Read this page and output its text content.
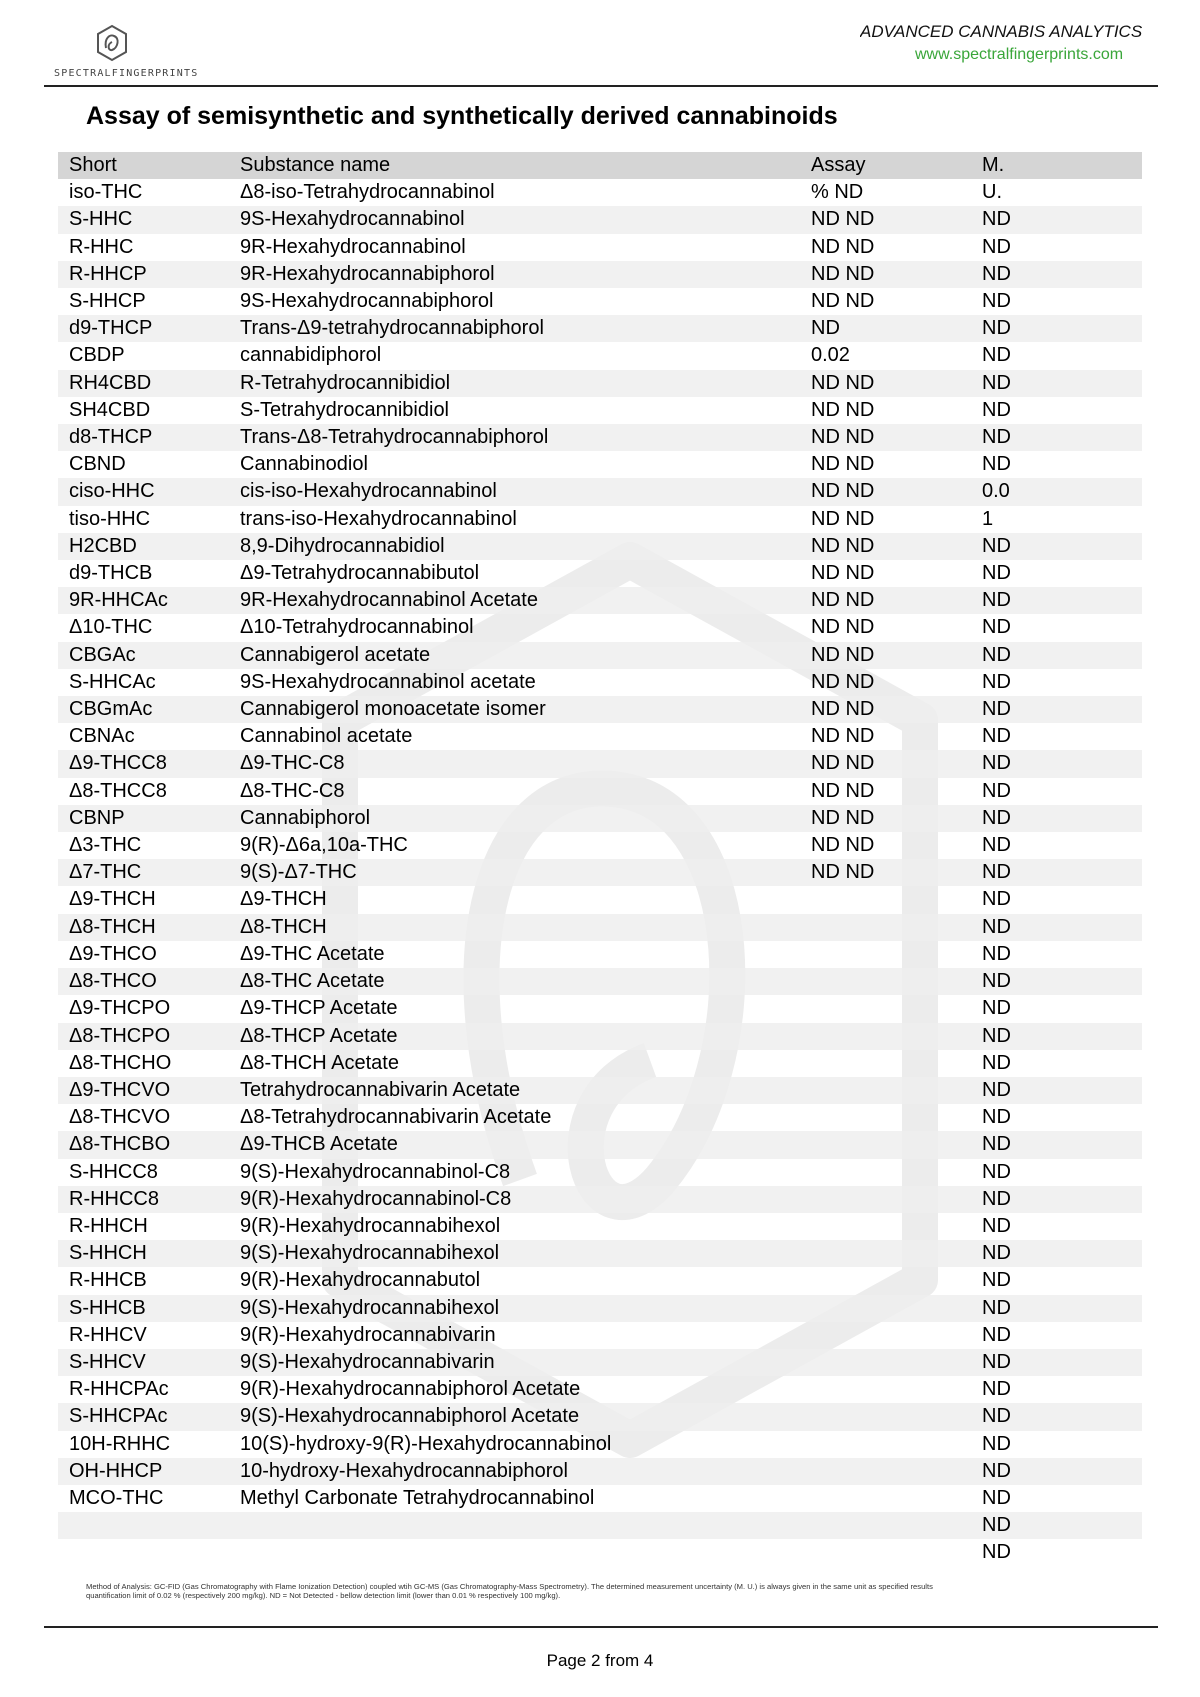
SPECTRALFINGERPRINTS
ADVANCED CANNABIS ANALYTICS
www.spectralfingerprints.com
Assay of semisynthetic and synthetically derived cannabinoids
Short	Substance name	Assay	M.
iso-THC	Δ8-iso-Tetrahydrocannabinol	% ND	U.
S-HHC	9S-Hexahydrocannabinol	ND ND	ND
R-HHC	9R-Hexahydrocannabinol	ND ND	ND
R-HHCP	9R-Hexahydrocannabiphorol	ND ND	ND
S-HHCP	9S-Hexahydrocannabiphorol	ND ND	ND
d9-THCP	Trans-Δ9-tetrahydrocannabiphorol	ND	ND
CBDP	cannabidiphorol	0.02	ND
RH4CBD	R-Tetrahydrocannibidiol	ND ND	ND
SH4CBD	S-Tetrahydrocannibidiol	ND ND	ND
d8-THCP	Trans-Δ8-Tetrahydrocannabiphorol	ND ND	ND
CBND	Cannabinodiol	ND ND	ND
ciso-HHC	cis-iso-Hexahydrocannabinol	ND ND	0.0
tiso-HHC	trans-iso-Hexahydrocannabinol	ND ND	1
H2CBD	8,9-Dihydrocannabidiol	ND ND	ND
d9-THCB	Δ9-Tetrahydrocannabibutol	ND ND	ND
9R-HHCAc	9R-Hexahydrocannabinol Acetate	ND ND	ND
Δ10-THC	Δ10-Tetrahydrocannabinol	ND ND	ND
CBGAc	Cannabigerol acetate	ND ND	ND
S-HHCAc	9S-Hexahydrocannabinol acetate	ND ND	ND
CBGmAc	Cannabigerol monoacetate isomer	ND ND	ND
CBNAc	Cannabinol acetate	ND ND	ND
Δ9-THCC8	Δ9-THC-C8	ND ND	ND
Δ8-THCC8	Δ8-THC-C8	ND ND	ND
CBNP	Cannabiphorol	ND ND	ND
Δ3-THC	9(R)-Δ6a,10a-THC	ND ND	ND
Δ7-THC	9(S)-Δ7-THC	ND ND	ND
Δ9-THCH	Δ9-THCH		ND
Δ8-THCH	Δ8-THCH		ND
Δ9-THCO	Δ9-THC Acetate		ND
Δ8-THCO	Δ8-THC Acetate		ND
Δ9-THCPO	Δ9-THCP Acetate		ND
Δ8-THCPO	Δ8-THCP Acetate		ND
Δ8-THCHO	Δ8-THCH Acetate		ND
Δ9-THCVO	Tetrahydrocannabivarin Acetate		ND
Δ8-THCVO	Δ8-Tetrahydrocannabivarin Acetate		ND
Δ8-THCBO	Δ9-THCB Acetate		ND
S-HHCC8	9(S)-Hexahydrocannabinol-C8		ND
R-HHCC8	9(R)-Hexahydrocannabinol-C8		ND
R-HHCH	9(R)-Hexahydrocannabihexol		ND
S-HHCH	9(S)-Hexahydrocannabihexol		ND
R-HHCB	9(R)-Hexahydrocannabutol		ND
S-HHCB	9(S)-Hexahydrocannabihexol		ND
R-HHCV	9(R)-Hexahydrocannabivarin		ND
S-HHCV	9(S)-Hexahydrocannabivarin		ND
R-HHCPAc	9(R)-Hexahydrocannabiphorol Acetate		ND
S-HHCPAc	9(S)-Hexahydrocannabiphorol Acetate		ND
10H-RHHC	10(S)-hydroxy-9(R)-Hexahydrocannabinol		ND
OH-HHCP	10-hydroxy-Hexahydrocannabiphorol		ND
MCO-THC	Methyl Carbonate Tetrahydrocannabinol		ND
			ND
			ND
Method of Analysis: GC-FID (Gas Chromatography with Flame Ionization Detection) coupled wtih GC-MS (Gas Chromatography-Mass Spectrometry). The determined measurement uncertainty (M. U.) is always given in the same unit as specified results
quantification limit of 0.02 % (respectively 200 mg/kg). ND = Not Detected - bellow detection limit (lower than 0.01 % respectively 100 mg/kg).
Page 2 from 4
